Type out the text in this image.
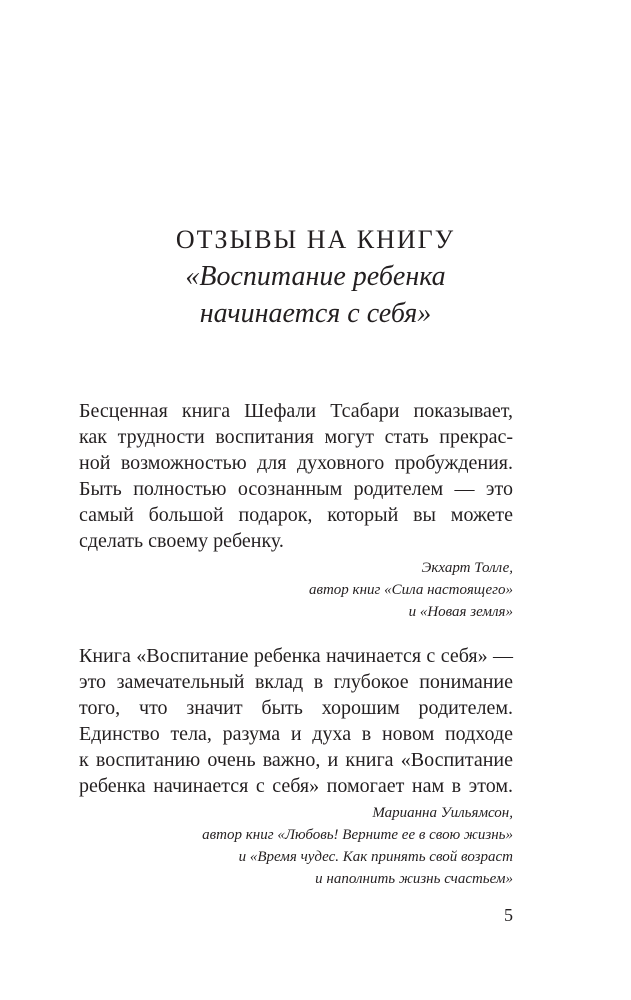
ОТЗЫВЫ НА КНИГУ
«Воспитание ребенка
начинается с себя»

Бесценная книга Шефали Тсабари показывает,
как трудности воспитания могут стать прекрас-
ной возможностью для духовного пробуждения.
Быть полностью осознанным родителем — это
самый большой подарок, который вы можете
сделать своему ребенку.

Экхарт Толле,
автор книг «Сила настоящего»
и «Новая земля»

Книга «Воспитание ребенка начинается с себя» —
это замечательный вклад в глубокое понимание
того, что значит быть хорошим родителем.
Единство тела, разума и духа в новом подходе
к воспитанию очень важно, и книга «Воспитание
ребенка начинается с себя» помогает нам в этом.

Марианна Уильямсон,
автор книг «Любовь! Верните ее в свою жизнь»
и «Время чудес. Как принять свой возраст
и наполнить жизнь счастьем»
5
